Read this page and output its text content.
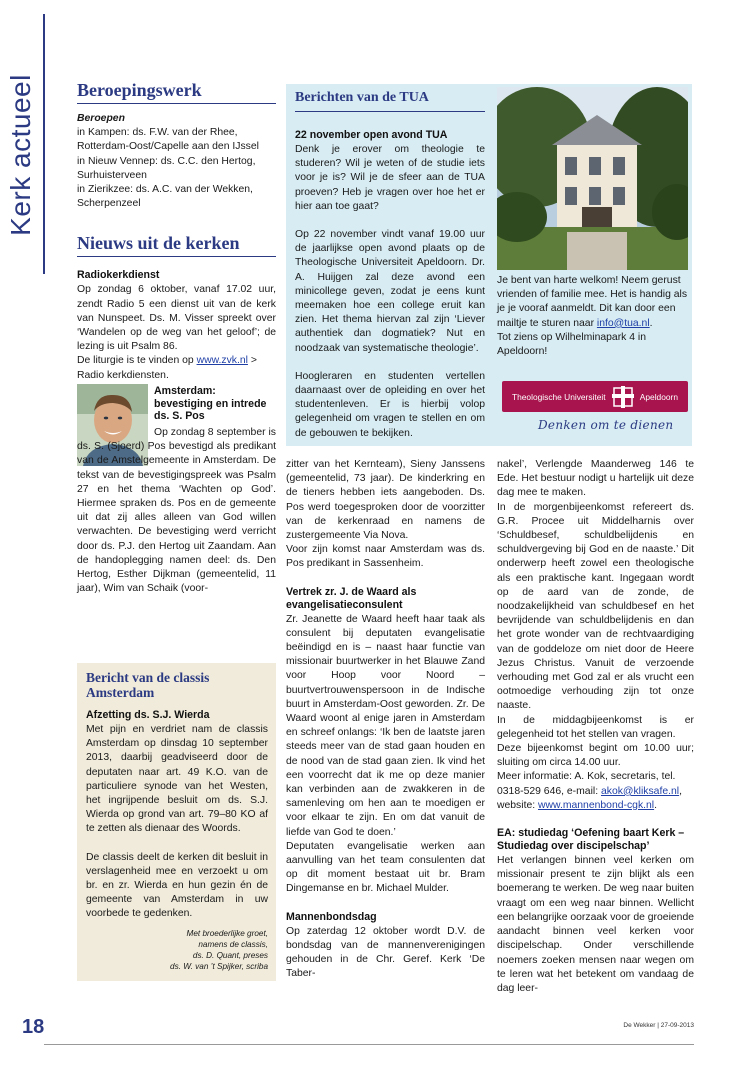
Kerk actueel Beroepingswerk

Beroepen

in Kampen: ds. F.W. van der Rhee, Rotterdam-Oost/Capelle aan den IJssel

in Nieuw Vennep: ds. C.C. den Hertog, Surhuisterveen

in Zierikzee: ds. A.C. van der Wekken, Scherpenzeel

Nieuws uit de kerken
Radiokerkdienst

Op zondag 6 oktober, vanaf 17.02 uur, zendt Radio 5 een dienst uit van de kerk van Nunspeet. Ds. M. Visser spreekt over ‘Wandelen op de weg van het geloof’; de lezing is uit Psalm 86.

De liturgie is te vinden op www.zvk.nl > Radio kerkdiensten.

Amsterdam: bevestiging en intrede ds. S. Pos

Op zondag 8 september is ds. S. (Sjoerd) Pos bevestigd als predikant van de Amstelgemeente in Amsterdam. De tekst van de bevestigingspreek was Psalm 27 en het thema ‘Wachten op God’. Hiermee spraken ds. Pos en de gemeente uit dat zij alles alleen van God willen verwachten. De bevestiging werd verricht door ds. P.J. den Hertog uit Zaandam. Aan de handoplegging namen deel: ds. Den Hertog, Esther Dijkman (gemeentelid, 11 jaar), Wim van Schaik (voor-

Bericht van de classis Amsterdam
Afzetting ds. S.J. Wierda

Met pijn en verdriet nam de classis Amsterdam op dinsdag 10 september 2013, daarbij geadviseerd door de deputaten naar art. 49 K.O. van de particuliere synode van het Westen, het ingrijpende besluit om ds. S.J. Wierda op grond van art. 79–80 KO af te zetten als dienaar des Woords.

De classis deelt de kerken dit besluit in verslagenheid mee en verzoekt u om br. en zr. Wierda en hun gezin én de gemeente van Amsterdam in uw voorbede te gedenken.

Met broederlijke groet,
namens de classis,
ds. D. Quant, preses
ds. W. van ’t Spijker, scriba
Berichten van de TUA
22 november open avond TUA

Denk je erover om theologie te studeren? Wil je weten of de studie iets voor je is? Wil je de sfeer aan de TUA proeven? Heb je vragen over hoe het er hier aan toe gaat?

Op 22 november vindt vanaf 19.00 uur de jaarlijkse open avond plaats op de Theologische Universiteit Apeldoorn. Dr. A. Huijgen zal deze avond een minicollege geven, zodat je eens kunt meemaken hoe een college eruit kan zien. Het thema hiervan zal zijn ‘Liever authentiek dan dogmatiek? Nut en noodzaak van systematische theologie’.

Hoogleraren en studenten vertellen daarnaast over de opleiding en over het studentenleven. Er is hierbij volop gelegenheid om vragen te stellen en om de gebouwen te bekijken.

Je bent van harte welkom! Neem gerust vrienden of familie mee. Het is handig als je je vooraf aanmeldt. Dit kan door een mailtje te sturen naar info@tua.nl.

Tot ziens op Wilhelminapark 4 in Apeldoorn!

Theologische Universiteit	Apeldoorn
Denken om te dienen

zitter van het Kernteam), Sieny Janssens (gemeentelid, 73 jaar). De kinderkring en de tieners hebben iets aangeboden. Ds. Pos werd toegesproken door de voorzitter van de kerkenraad en namens de zustergemeente Via Nova.

Voor zijn komst naar Amsterdam was ds. Pos predikant in Sassenheim.

Vertrek zr. J. de Waard als evangelisatieconsulent

Zr. Jeanette de Waard heeft haar taak als consulent bij deputaten evangelisatie beëindigd en is – naast haar functie van missionair buurtwerker in het Blauwe Zand voor Hoop voor Noord – buurtvertrouwenspersoon in de Indische buurt in Amsterdam-Oost geworden. Zr. De Waard woont al enige jaren in Amsterdam en schreef onlangs: ‘Ik ben de laatste jaren steeds meer van de stad gaan houden en de nood van de stad gaan zien. Ik vind het een voorrecht dat ik me op deze manier kan verbinden aan de zwakkeren in de samenleving om hen aan te moedigen er voor elkaar te zijn. En om dat vanuit de liefde van God te doen.’

Deputaten evangelisatie werken aan aanvulling van het team consulenten dat op dit moment bestaat uit br. Bram Dingemanse en br. Michael Mulder.

Mannenbondsdag

Op zaterdag 12 oktober wordt D.V. de bondsdag van de mannenverenigingen gehouden in de Chr. Geref. Kerk ‘De Taber-

nakel’, Verlengde Maanderweg 146 te Ede. Het bestuur nodigt u hartelijk uit deze dag mee te maken.

In de morgenbijeenkomst refereert ds. G.R. Procee uit Middelharnis over ‘Schuldbesef, schuldbelijdenis en schuldvergeving bij God en de naaste.’ Dit onderwerp heeft zowel een theologische als een praktische kant. Ingegaan wordt op de aard van de zonde, de noodzakelijkheid van schuldbesef en het bevrijdende van schuldbelijdenis en dan het grote wonder van de rechtvaardiging van de goddeloze om niet door de Heere Jezus Christus. Vanuit de verzoende verhouding met God zal er als vrucht een ootmoedige verhouding zijn tot onze naaste.

In de middagbijeenkomst is er gelegenheid tot het stellen van vragen.

Deze bijeenkomst begint om 10.00 uur; sluiting om circa 14.00 uur.

Meer informatie: A. Kok, secretaris, tel. 0318-529 646, e-mail: akok@kliksafe.nl, website: www.mannenbond-cgk.nl.

EA: studiedag ‘Oefening baart Kerk – Studiedag over discipelschap’

Het verlangen binnen veel kerken om missionair present te zijn blijkt als een boemerang te werken. De weg naar buiten vraagt om een weg naar binnen. Wellicht een belangrijke oorzaak voor de groeiende aandacht binnen veel kerken voor discipelschap. Onder verschillende noemers zoeken mensen naar wegen om te leren wat het betekent om vandaag de dag leer-

18	De Wekker | 27-09-2013
